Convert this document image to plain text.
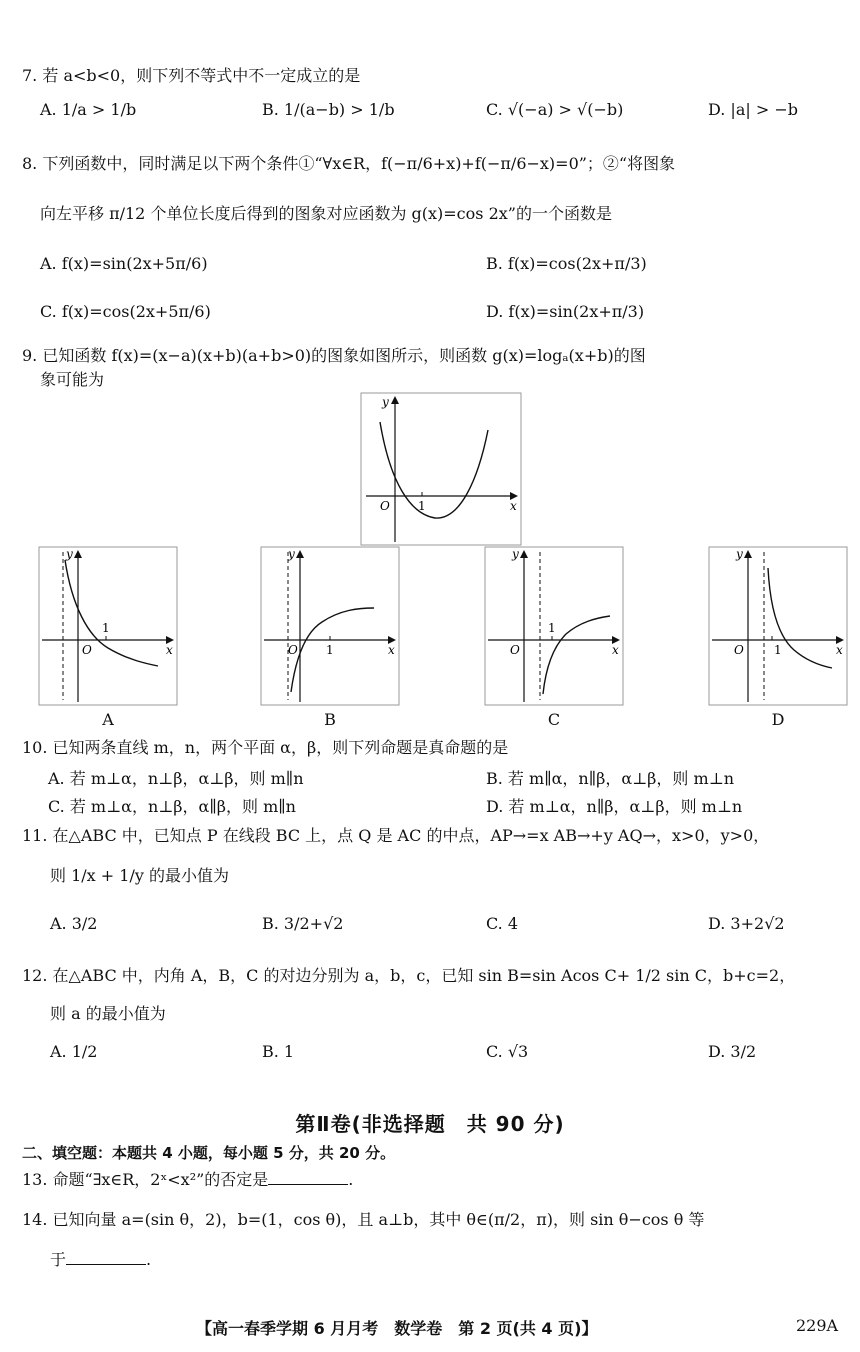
7. 若 a<b<0，则下列不等式中不一定成立的是
A. 1/a > 1/b	B. 1/(a−b) > 1/b	C. √(−a) > √(−b)	D. |a| > −b
8. 下列函数中，同时满足以下两个条件①“∀x∈R，f(−π/6+x)+f(−π/6−x)=0”；②“将图象
向左平移 π/12 个单位长度后得到的图象对应函数为 g(x)=cos 2x”的一个函数是
A. f(x)=sin(2x+5π/6)	B. f(x)=cos(2x+π/3)
C. f(x)=cos(2x+5π/6)	D. f(x)=sin(2x+π/3)
9. 已知函数 f(x)=(x−a)(x+b)(a+b>0)的图象如图所示，则函数 g(x)=logₐ(x+b)的图
象可能为
y
x
O 1
y
x
O
1
y
x
O 1
y
x
O
1
y
x
O	1
A	B	C	D
10. 已知两条直线 m，n，两个平面 α，β，则下列命题是真命题的是
A. 若 m⊥α，n⊥β，α⊥β，则 m∥n	B. 若 m∥α，n∥β，α⊥β，则 m⊥n
C. 若 m⊥α，n⊥β，α∥β，则 m∥n	D. 若 m⊥α，n∥β，α⊥β，则 m⊥n
11. 在△ABC 中，已知点 P 在线段 BC 上，点 Q 是 AC 的中点，AP→=x AB→+y AQ→，x>0，y>0，
则 1/x + 1/y 的最小值为
A. 3/2	B. 3/2+√2	C. 4	D. 3+2√2
12. 在△ABC 中，内角 A，B，C 的对边分别为 a，b，c，已知 sin B=sin Acos C+ 1/2 sin C，b+c=2，
则 a 的最小值为
A. 1/2	B. 1	C. √3	D. 3/2
第Ⅱ卷(非选择题　共 90 分)
二、填空题：本题共 4 小题，每小题 5 分，共 20 分。
13. 命题“∃x∈R，2ˣ<x²”的否定是	.
14. 已知向量 a=(sin θ，2)，b=(1，cos θ)，且 a⊥b，其中 θ∈(π/2，π)，则 sin θ−cos θ 等
于	.
【高一春季学期 6 月月考　数学卷　第 2 页(共 4 页)】	229A
